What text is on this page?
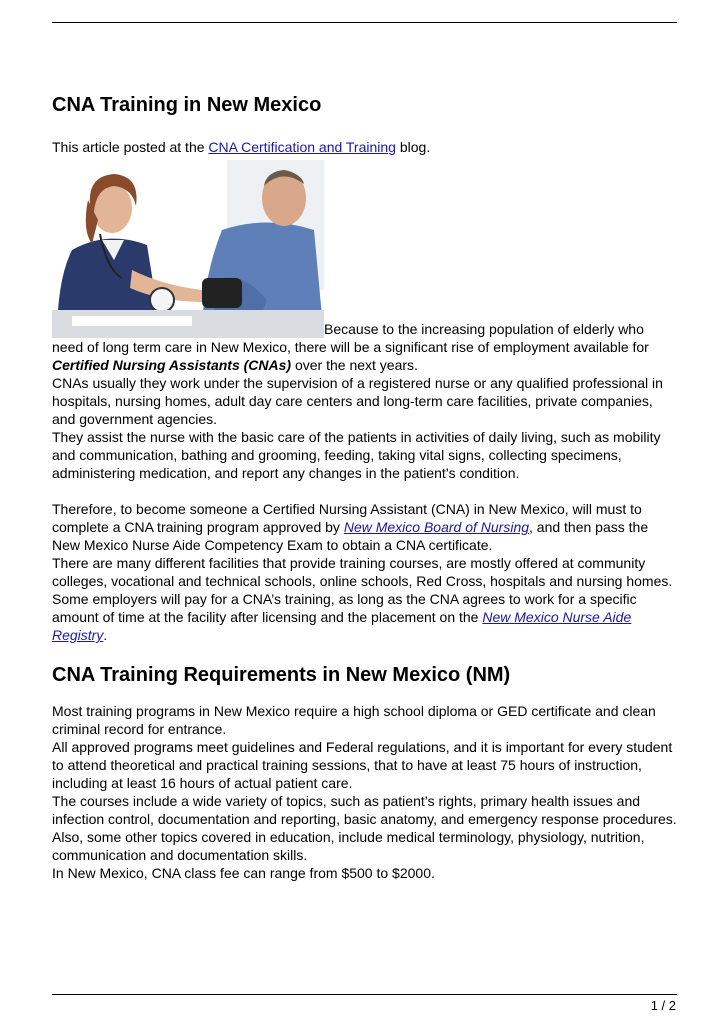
CNA Training in New Mexico

This article posted at the CNA Certification and Training blog.

Because to the increasing population of elderly who need of long term care in New Mexico, there will be a significant rise of employment available for Certified Nursing Assistants (CNAs) over the next years.

CNAs usually they work under the supervision of a registered nurse or any qualified professional in hospitals, nursing homes, adult day care centers and long-term care facilities, private companies, and government agencies.

They assist the nurse with the basic care of the patients in activities of daily living, such as mobility and communication, bathing and grooming, feeding, taking vital signs, collecting specimens, administering medication, and report any changes in the patient’s condition.

Therefore, to become someone a Certified Nursing Assistant (CNA) in New Mexico, will must to complete a CNA training program approved by New Mexico Board of Nursing, and then pass the New Mexico Nurse Aide Competency Exam to obtain a CNA certificate.

There are many different facilities that provide training courses, are mostly offered at community colleges, vocational and technical schools, online schools, Red Cross, hospitals and nursing homes.

Some employers will pay for a CNA’s training, as long as the CNA agrees to work for a specific amount of time at the facility after licensing and the placement on the New Mexico Nurse Aide Registry.

CNA Training Requirements in New Mexico (NM)

Most training programs in New Mexico require a high school diploma or GED certificate and clean criminal record for entrance.

All approved programs meet guidelines and Federal regulations, and it is important for every student to attend theoretical and practical training sessions, that to have at least 75 hours of instruction, including at least 16 hours of actual patient care.

The courses include a wide variety of topics, such as patient’s rights, primary health issues and infection control, documentation and reporting, basic anatomy, and emergency response procedures. Also, some other topics covered in education, include medical terminology, physiology, nutrition, communication and documentation skills.

In New Mexico, CNA class fee can range from $500 to $2000.

1 / 2
